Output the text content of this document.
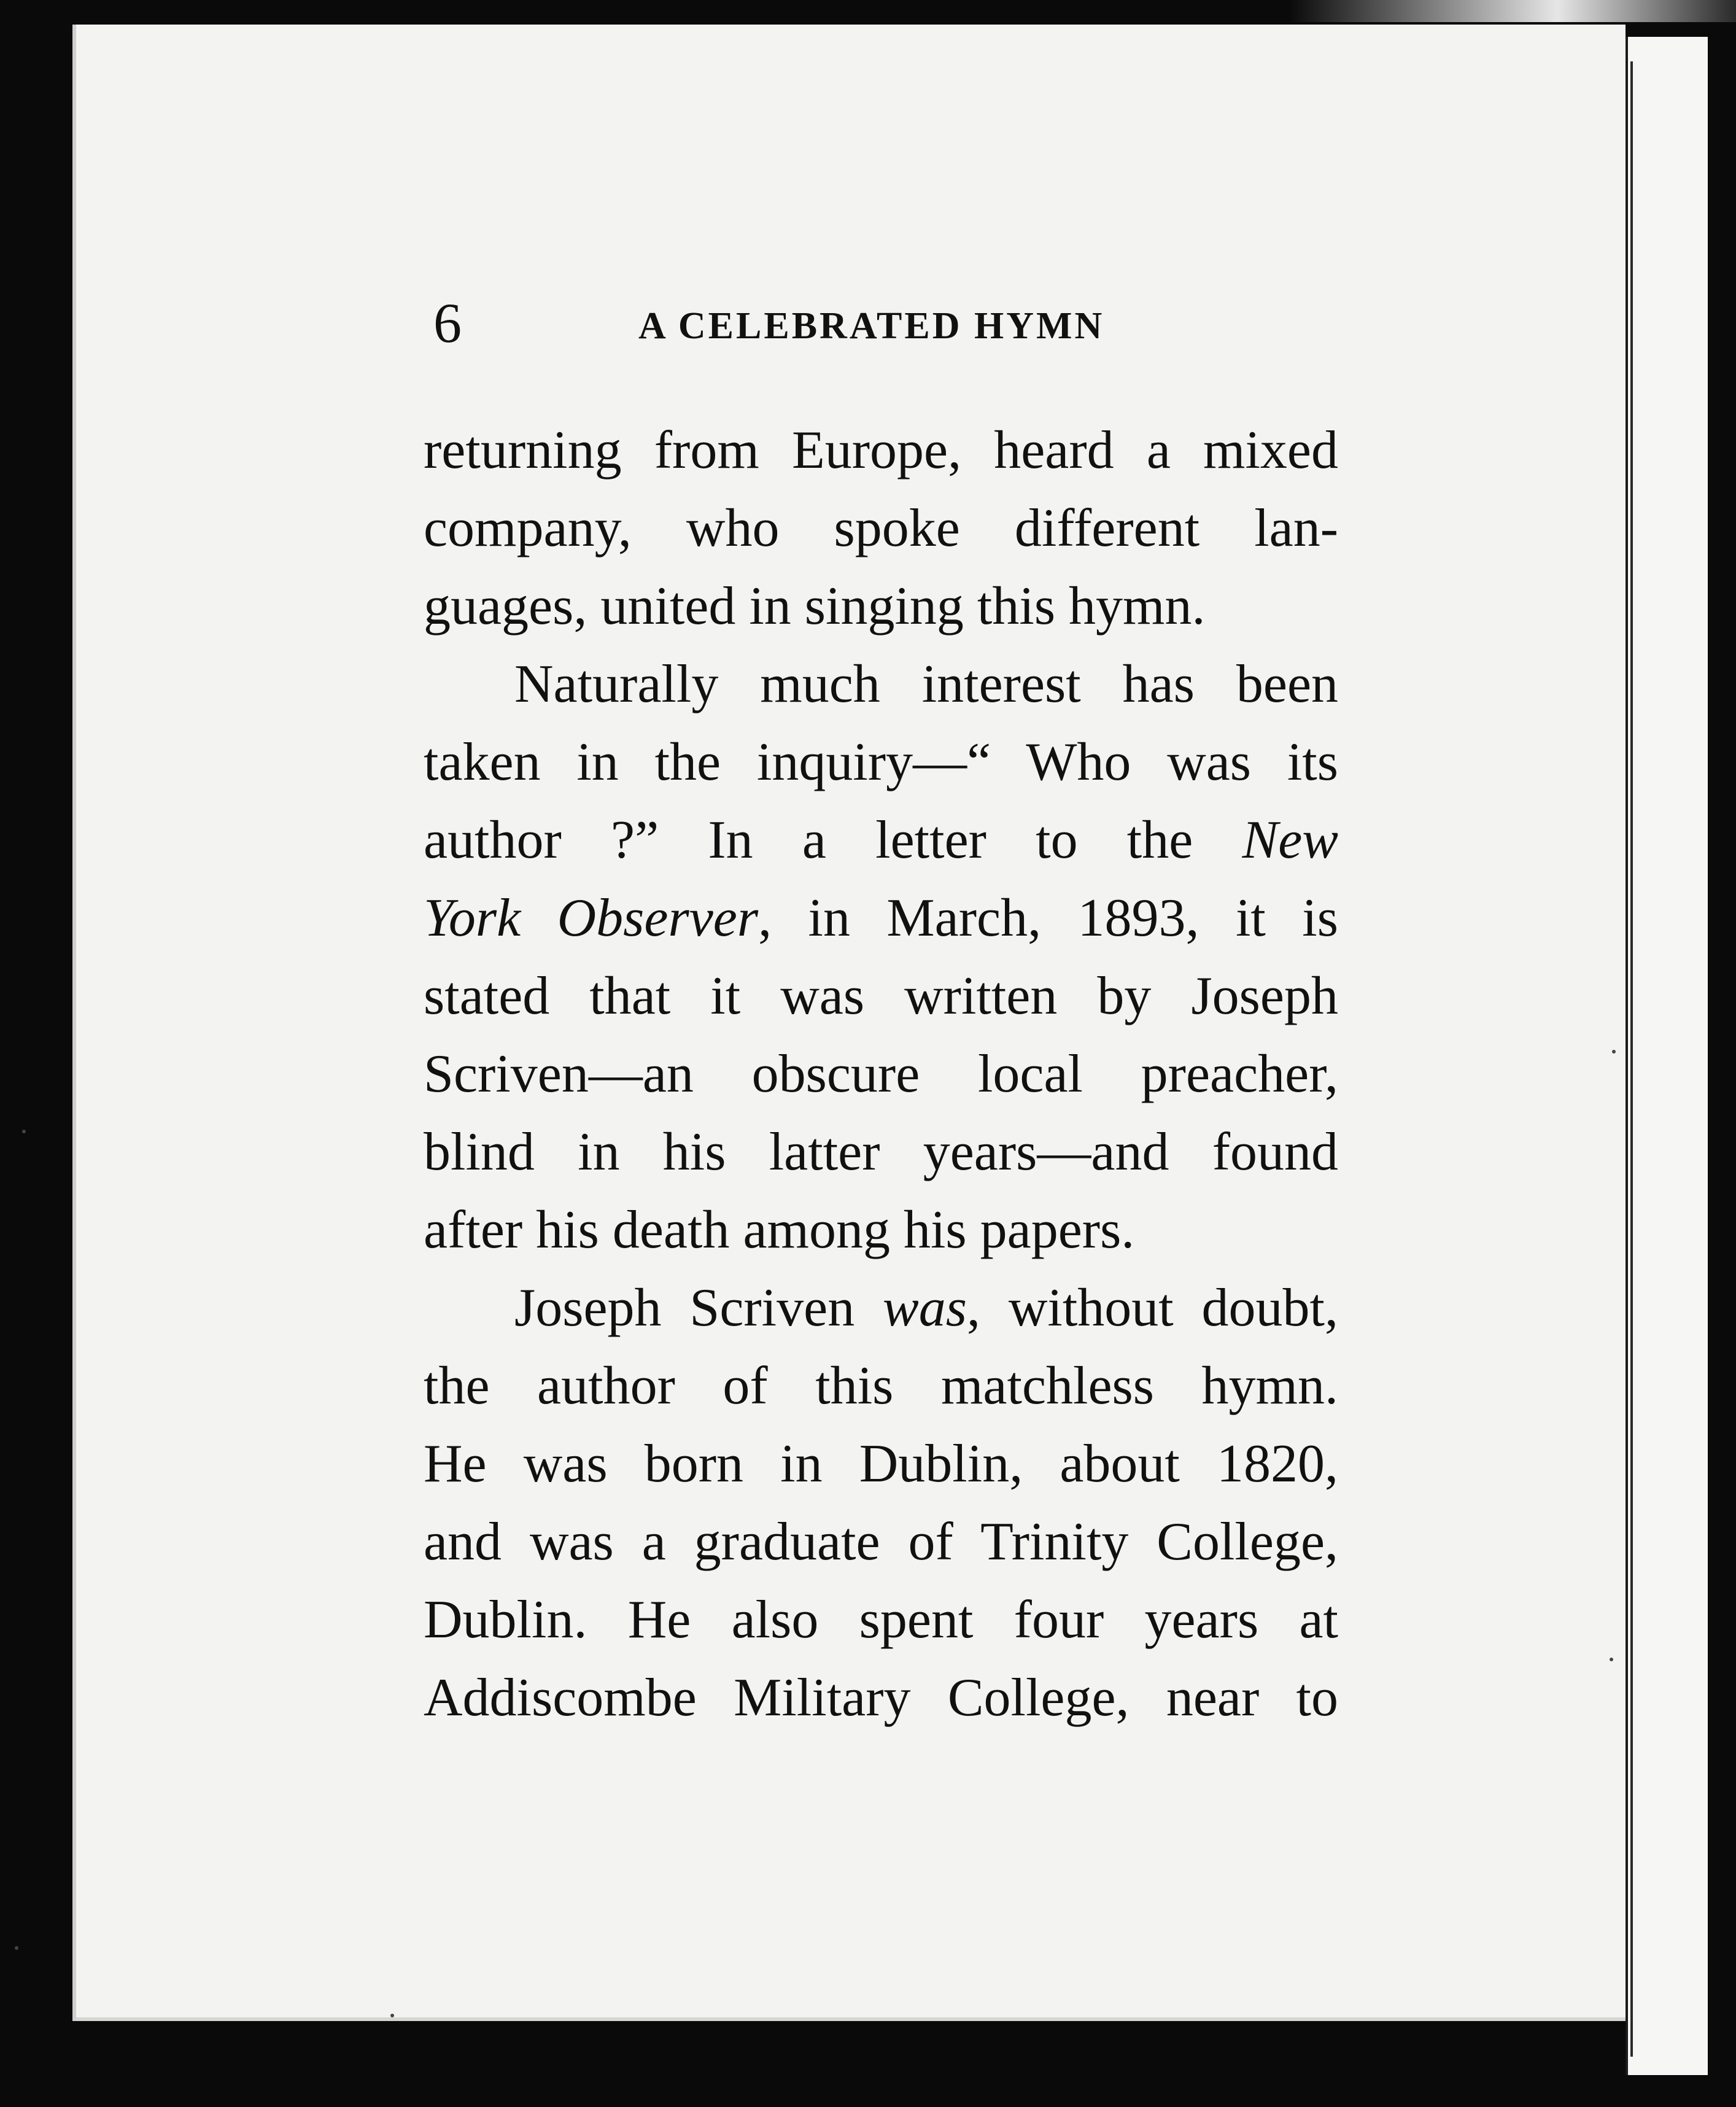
6	A CELEBRATED HYMN
returning from Europe, heard a mixed
company, who spoke different lan-
guages, united in singing this hymn.
Naturally much interest has been
taken in the inquiry—“ Who was its
author ?” In a letter to the New
York Observer, in March, 1893, it is
stated that it was written by Joseph
Scriven—an obscure local preacher,
blind in his latter years—and found
after his death among his papers.
Joseph Scriven was, without doubt,
the author of this matchless hymn.
He was born in Dublin, about 1820,
and was a graduate of Trinity College,
Dublin. He also spent four years at
Addiscombe Military College, near to
